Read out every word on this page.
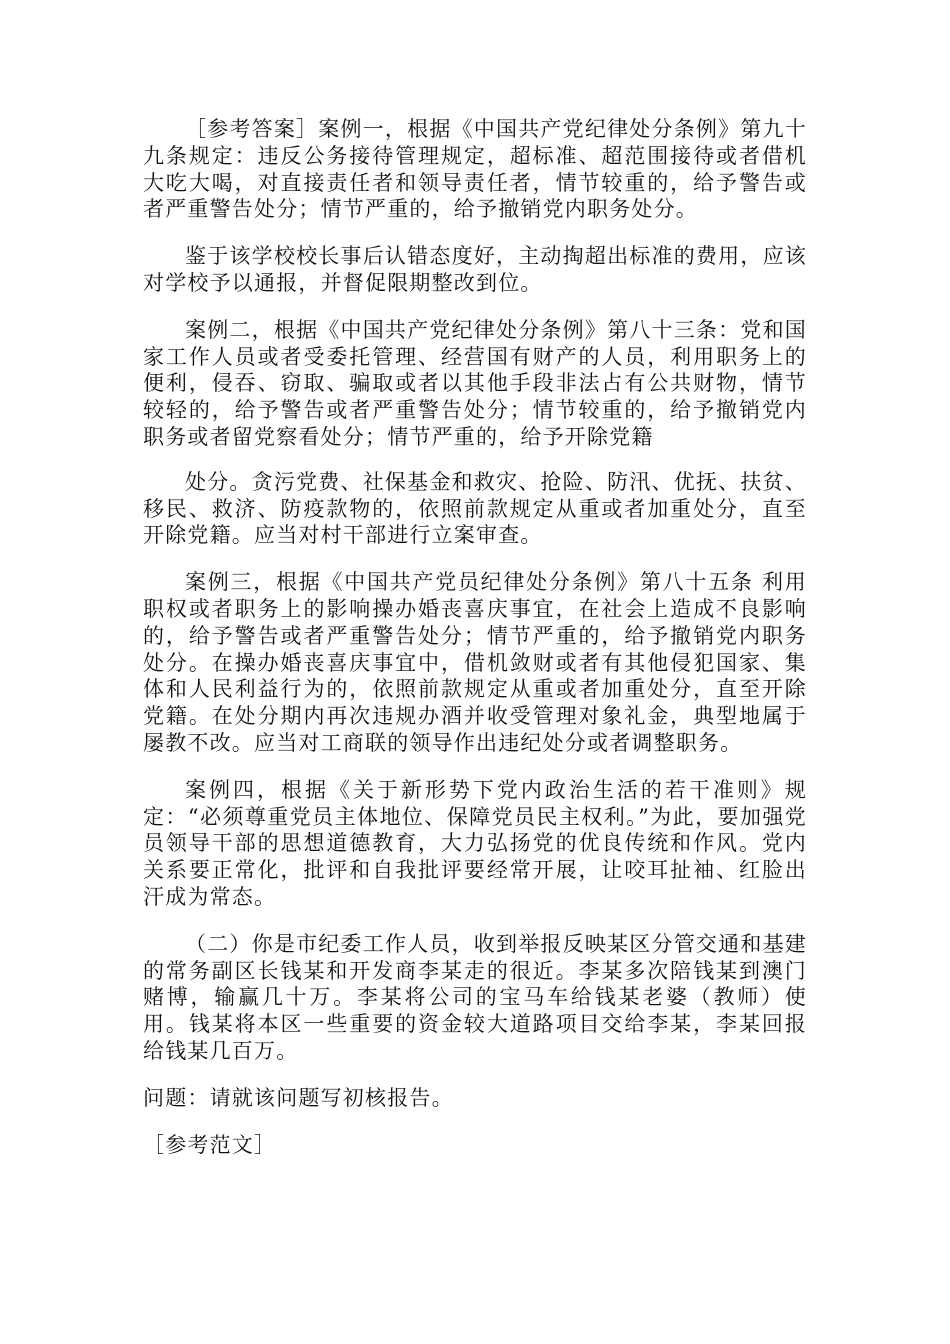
［参考答案］案例一，根据《中国共产党纪律处分条例》第九十九条规定：违反公务接待管理规定，超标准、超范围接待或者借机大吃大喝，对直接责任者和领导责任者，情节较重的，给予警告或者严重警告处分；情节严重的，给予撤销党内职务处分。

鉴于该学校校长事后认错态度好，主动掏超出标准的费用，应该对学校予以通报，并督促限期整改到位。

案例二，根据《中国共产党纪律处分条例》第八十三条：党和国家工作人员或者受委托管理、经营国有财产的人员，利用职务上的便利，侵吞、窃取、骗取或者以其他手段非法占有公共财物，情节较轻的，给予警告或者严重警告处分；情节较重的，给予撤销党内职务或者留党察看处分；情节严重的，给予开除党籍

处分。贪污党费、社保基金和救灾、抢险、防汛、优抚、扶贫、移民、救济、防疫款物的，依照前款规定从重或者加重处分，直至开除党籍。应当对村干部进行立案审查。

案例三，根据《中国共产党员纪律处分条例》第八十五条 利用职权或者职务上的影响操办婚丧喜庆事宜，在社会上造成不良影响的，给予警告或者严重警告处分；情节严重的，给予撤销党内职务处分。在操办婚丧喜庆事宜中，借机敛财或者有其他侵犯国家、集体和人民利益行为的，依照前款规定从重或者加重处分，直至开除党籍。在处分期内再次违规办酒并收受管理对象礼金，典型地属于屡教不改。应当对工商联的领导作出违纪处分或者调整职务。

案例四，根据《关于新形势下党内政治生活的若干准则》规定：“必须尊重党员主体地位、保障党员民主权利。”为此，要加强党员领导干部的思想道德教育，大力弘扬党的优良传统和作风。党内关系要正常化，批评和自我批评要经常开展，让咬耳扯袖、红脸出汗成为常态。

（二）你是市纪委工作人员，收到举报反映某区分管交通和基建的常务副区长钱某和开发商李某走的很近。李某多次陪钱某到澳门赌博，输赢几十万。李某将公司的宝马车给钱某老婆（教师）使用。钱某将本区一些重要的资金较大道路项目交给李某，李某回报给钱某几百万。

问题：请就该问题写初核报告。

［参考范文］
